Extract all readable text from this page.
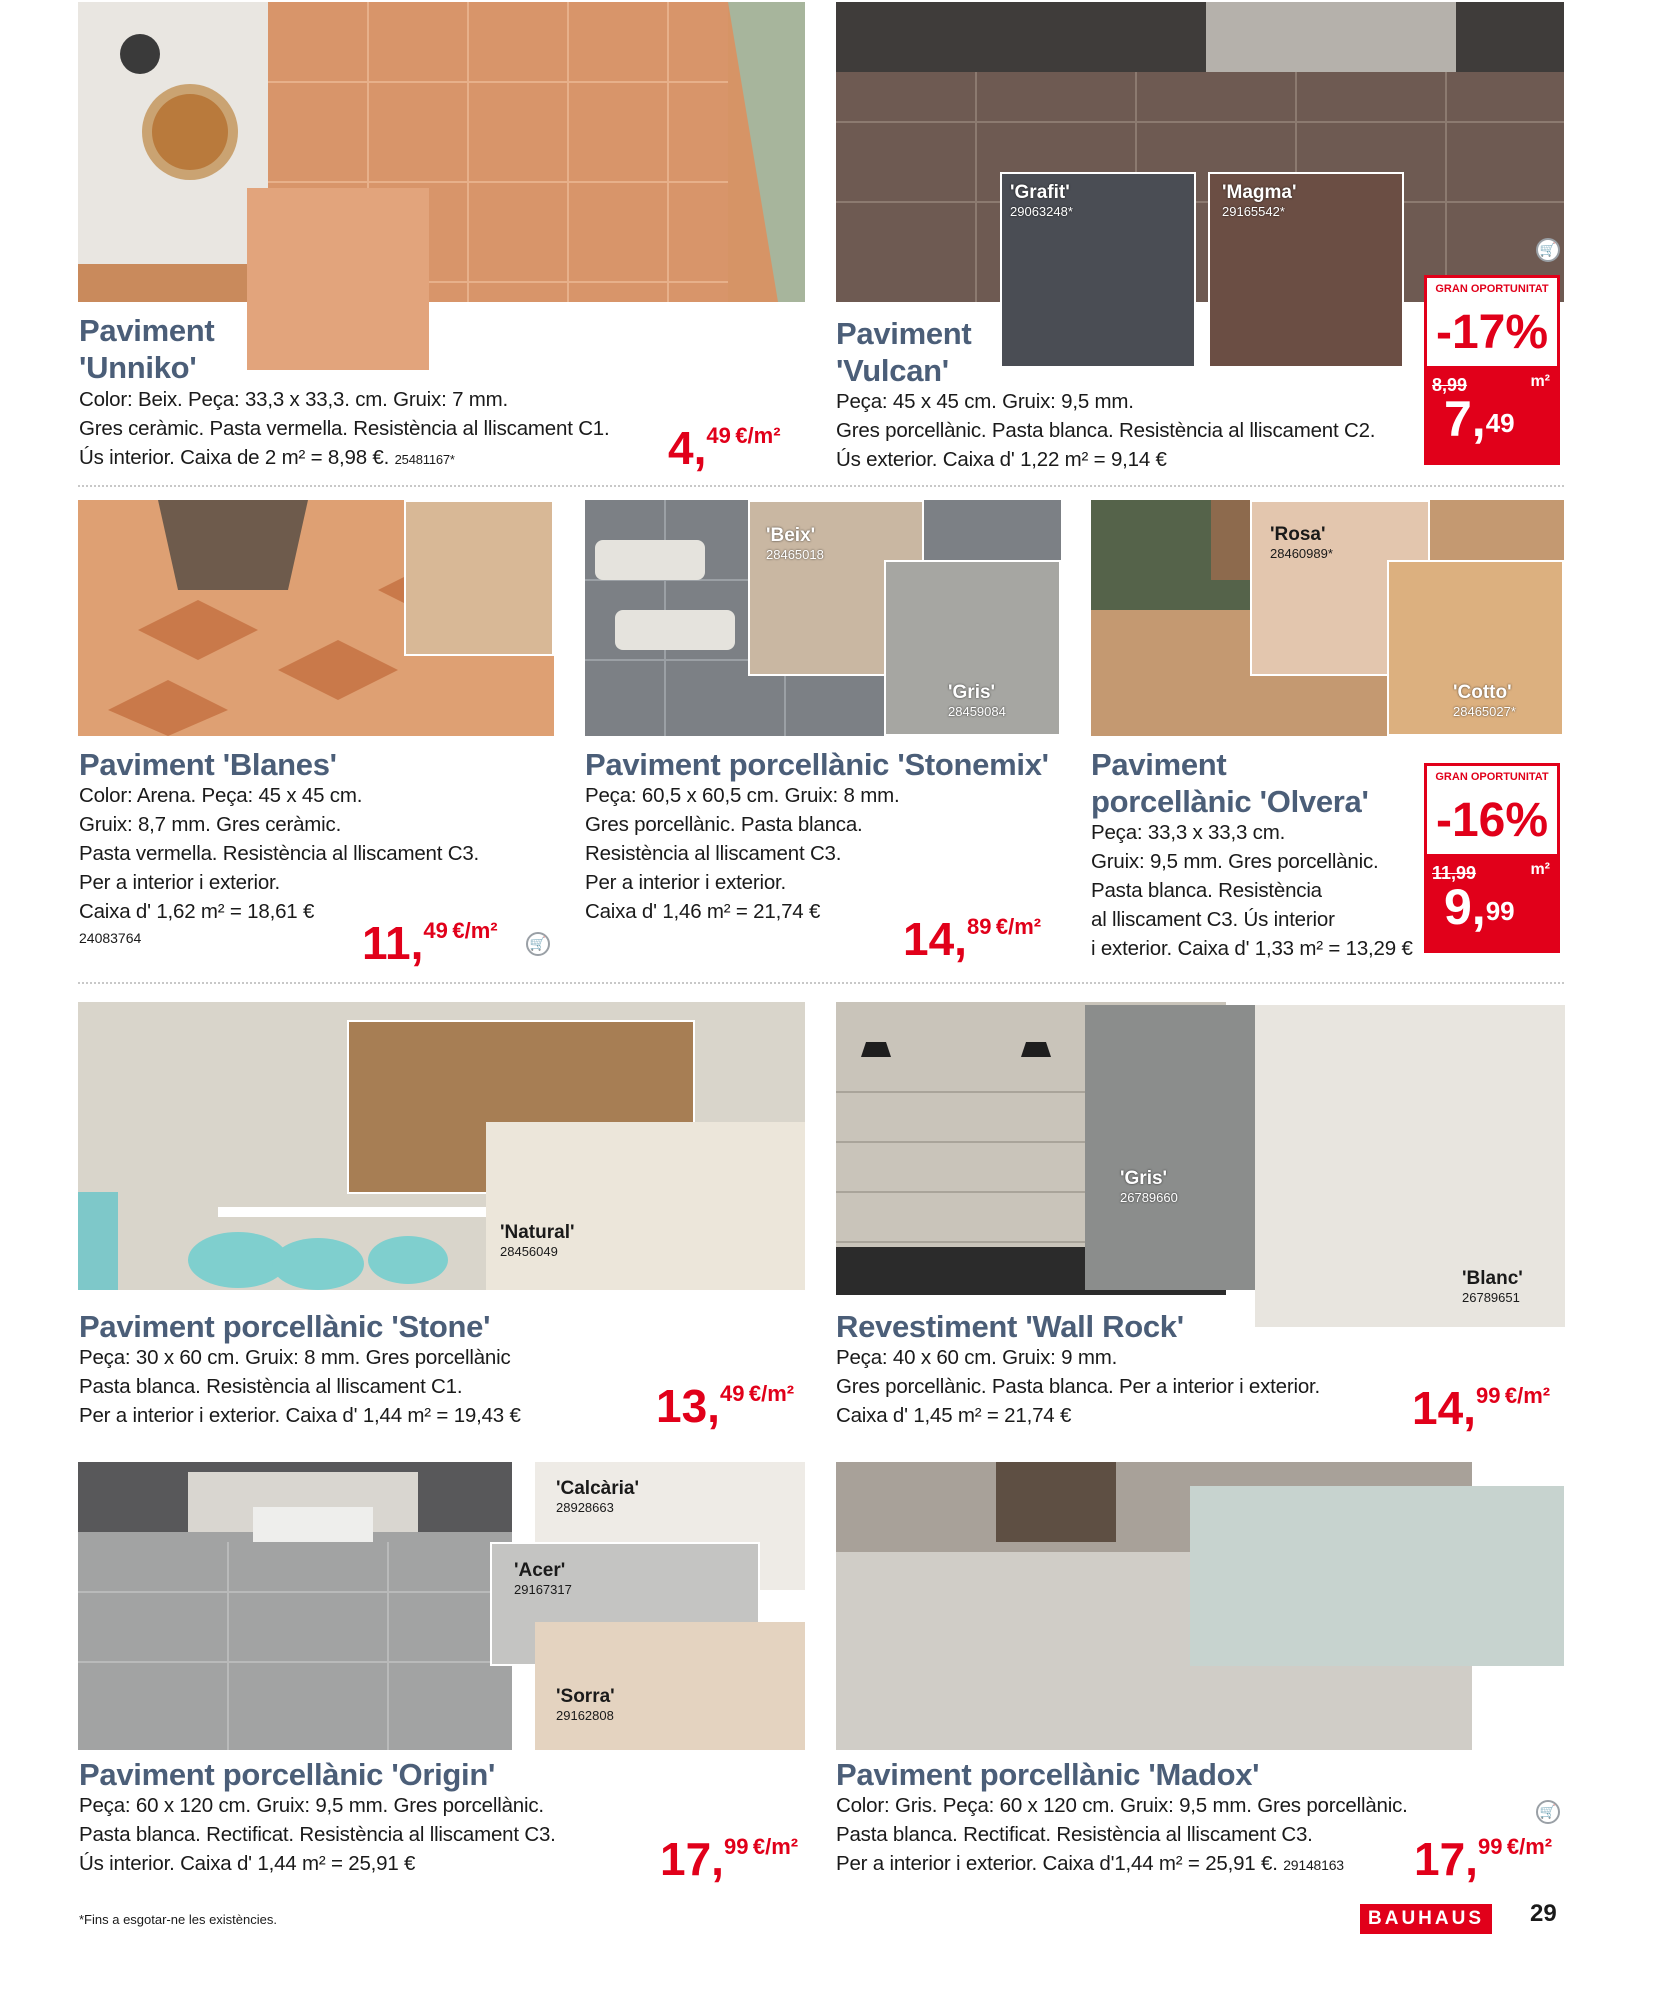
Paviment
'Unniko'
Color: Beix. Peça: 33,3 x 33,3. cm. Gruix: 7 mm.
Gres ceràmic. Pasta vermella. Resistència al lliscament C1.
Ús interior. Caixa de 2 m² = 8,98 €. 25481167*	4,49 €/m²
'Grafit'
29063248*
'Magma'
29165542*
🛒
Paviment
'Vulcan'
Peça: 45 x 45 cm. Gruix: 9,5 mm.
Gres porcellànic. Pasta blanca. Resistència al lliscament C2.
Ús exterior. Caixa d' 1,22 m² = 9,14 €
GRAN OPORTUNITAT
-17%
8,99	m²
7,49
Paviment 'Blanes'
Color: Arena. Peça: 45 x 45 cm.
Gruix: 8,7 mm. Gres ceràmic.
Pasta vermella. Resistència al lliscament C3.
Per a interior i exterior.
Caixa d' 1,62 m² = 18,61 €
24083764	11,49 €/m²
🛒
'Beix'
28465018
'Gris'
28459084
Paviment porcellànic 'Stonemix'
Peça: 60,5 x 60,5 cm. Gruix: 8 mm.
Gres porcellànic. Pasta blanca.
Resistència al lliscament C3.
Per a interior i exterior.
Caixa d' 1,46 m² = 21,74 €
14,89 €/m²
'Rosa'
28460989*
'Cotto'
28465027*
Paviment
porcellànic 'Olvera'
Peça: 33,3 x 33,3 cm.
Gruix: 9,5 mm. Gres porcellànic.
Pasta blanca. Resistència
al lliscament C3. Ús interior
i exterior. Caixa d' 1,33 m² = 13,29 €
GRAN OPORTUNITAT
-16%
11,99	m²
9,99
'Natural'
28456049
Paviment porcellànic 'Stone'
Peça: 30 x 60 cm. Gruix: 8 mm. Gres porcellànic
Pasta blanca. Resistència al lliscament C1.
Per a interior i exterior. Caixa d' 1,44 m² = 19,43 €	13,49 €/m²
'Gris'
26789660
'Blanc'
26789651
Revestiment 'Wall Rock'
Peça: 40 x 60 cm. Gruix: 9 mm.
Gres porcellànic. Pasta blanca. Per a interior i exterior.
Caixa d' 1,45 m² = 21,74 €	14,99 €/m²
'Calcària'
28928663
'Acer'
29167317
'Sorra'
29162808
Paviment porcellànic 'Origin'
Peça: 60 x 120 cm. Gruix: 9,5 mm. Gres porcellànic.
Pasta blanca. Rectificat. Resistència al lliscament C3.
Ús interior. Caixa d' 1,44 m² = 25,91 €	17,99 €/m²
🛒
Paviment porcellànic 'Madox'
Color: Gris. Peça: 60 x 120 cm. Gruix: 9,5 mm. Gres porcellànic.
Pasta blanca. Rectificat. Resistència al lliscament C3.
Per a interior i exterior. Caixa d'1,44 m² = 25,91 €. 29148163	17,99 €/m²
*Fins a esgotar-ne les existències.	BAUHAUS	29
